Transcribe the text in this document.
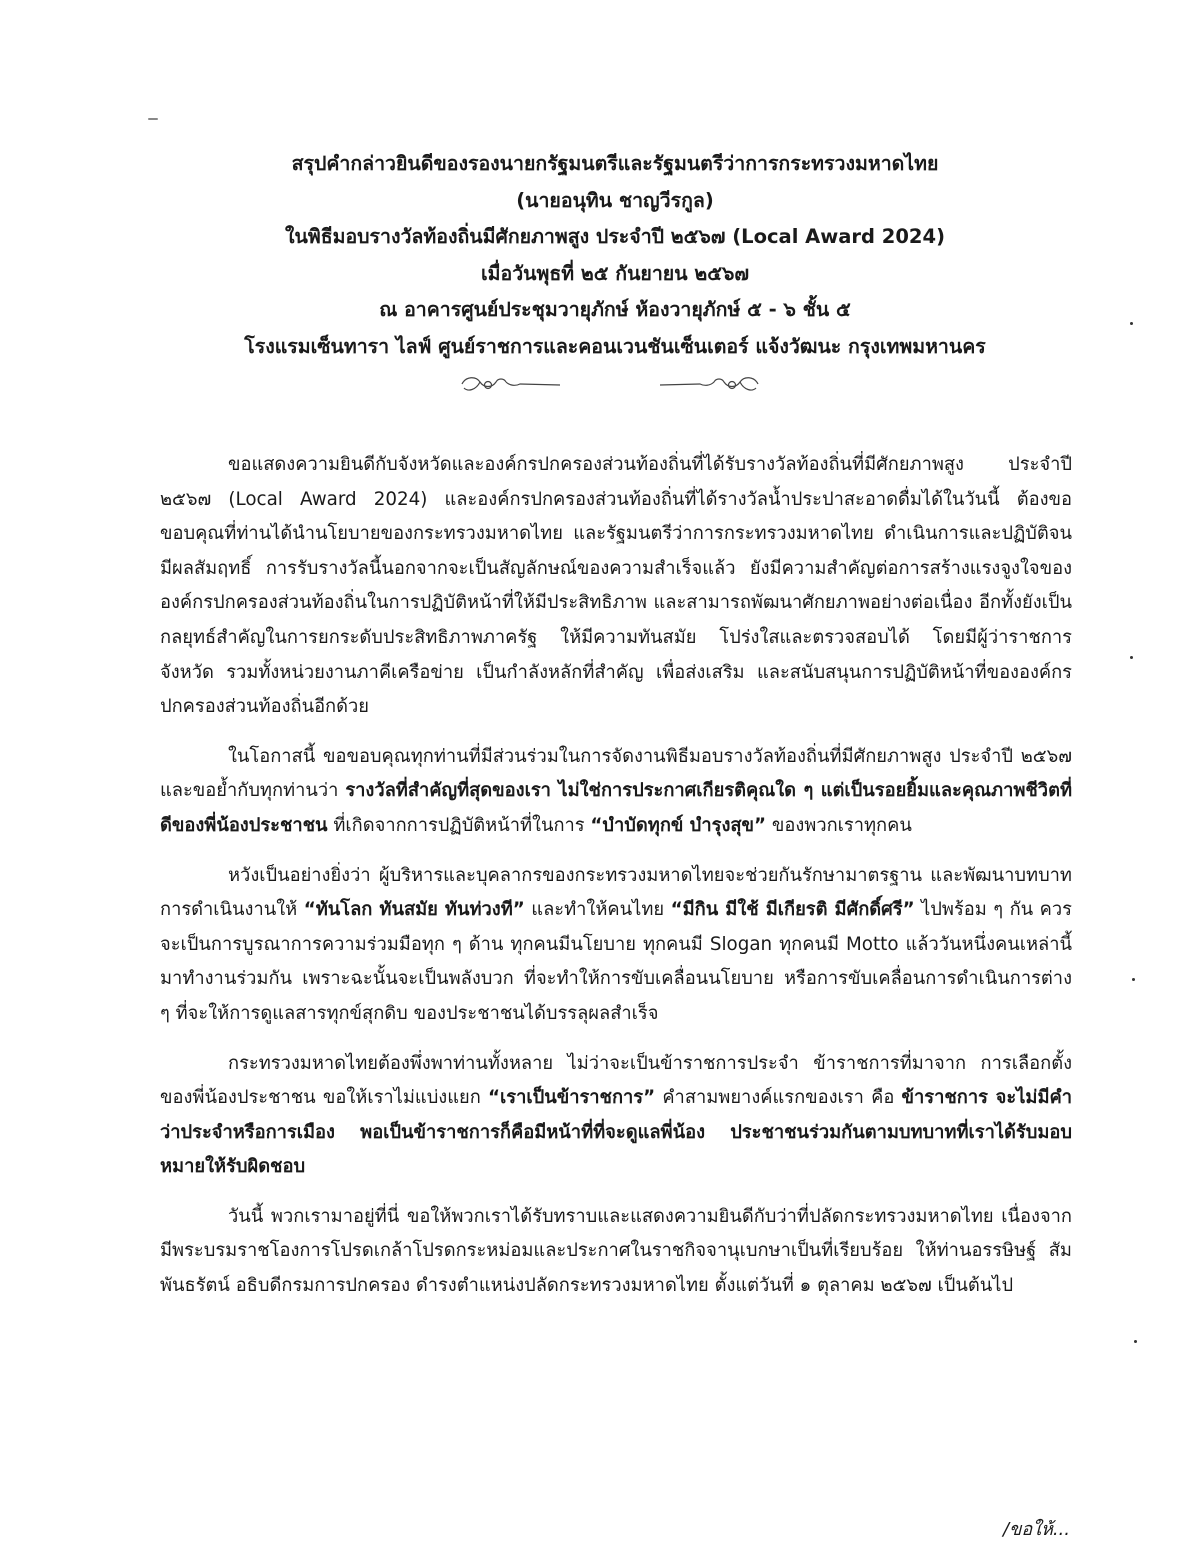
สรุปคำกล่าวยินดีของรองนายกรัฐมนตรีและรัฐมนตรีว่าการกระทรวงมหาดไทย
(นายอนุทิน ชาญวีรกูล)
ในพิธีมอบรางวัลท้องถิ่นมีศักยภาพสูง ประจำปี ๒๕๖๗ (Local Award 2024)
เมื่อวันพุธที่ ๒๕ กันยายน ๒๕๖๗
ณ อาคารศูนย์ประชุมวายุภักษ์ ห้องวายุภักษ์ ๕ - ๖ ชั้น ๕
โรงแรมเซ็นทารา ไลฟ์ ศูนย์ราชการและคอนเวนชันเซ็นเตอร์ แจ้งวัฒนะ กรุงเทพมหานคร

ขอแสดงความยินดีกับจังหวัดและองค์กรปกครองส่วนท้องถิ่นที่ได้รับรางวัลท้องถิ่นที่มีศักยภาพสูง ประจำปี ๒๕๖๗ (Local Award 2024) และองค์กรปกครองส่วนท้องถิ่นที่ได้รางวัลน้ำประปาสะอาดดื่มได้ในวันนี้ ต้องขอขอบคุณที่ท่านได้นำนโยบายของกระทรวงมหาดไทย และรัฐมนตรีว่าการกระทรวงมหาดไทย ดำเนินการและปฏิบัติจนมีผลสัมฤทธิ์ การรับรางวัลนี้นอกจากจะเป็นสัญลักษณ์ของความสำเร็จแล้ว ยังมีความสำคัญต่อการสร้างแรงจูงใจขององค์กรปกครองส่วนท้องถิ่นในการปฏิบัติหน้าที่ให้มีประสิทธิภาพ และสามารถพัฒนาศักยภาพอย่างต่อเนื่อง อีกทั้งยังเป็นกลยุทธ์สำคัญในการยกระดับประสิทธิภาพภาครัฐ ให้มีความทันสมัย โปร่งใสและตรวจสอบได้ โดยมีผู้ว่าราชการจังหวัด รวมทั้งหน่วยงานภาคีเครือข่าย เป็นกำลังหลักที่สำคัญ เพื่อส่งเสริม และสนับสนุนการปฏิบัติหน้าที่ขององค์กรปกครองส่วนท้องถิ่นอีกด้วย

ในโอกาสนี้ ขอขอบคุณทุกท่านที่มีส่วนร่วมในการจัดงานพิธีมอบรางวัลท้องถิ่นที่มีศักยภาพสูง ประจำปี ๒๕๖๗ และขอย้ำกับทุกท่านว่า รางวัลที่สำคัญที่สุดของเรา ไม่ใช่การประกาศเกียรติคุณใด ๆ แต่เป็นรอยยิ้มและคุณภาพชีวิตที่ดีของพี่น้องประชาชน ที่เกิดจากการปฏิบัติหน้าที่ในการ “บำบัดทุกข์ บำรุงสุข” ของพวกเราทุกคน

หวังเป็นอย่างยิ่งว่า ผู้บริหารและบุคลากรของกระทรวงมหาดไทยจะช่วยกันรักษามาตรฐาน และพัฒนาบทบาทการดำเนินงานให้ “ทันโลก ทันสมัย ทันท่วงที” และทำให้คนไทย “มีกิน มีใช้ มีเกียรติ มีศักดิ์ศรี” ไปพร้อม ๆ กัน ควรจะเป็นการบูรณาการความร่วมมือทุก ๆ ด้าน ทุกคนมีนโยบาย ทุกคนมี Slogan ทุกคนมี Motto แล้ววันหนึ่งคนเหล่านี้มาทำงานร่วมกัน เพราะฉะนั้นจะเป็นพลังบวก ที่จะทำให้การขับเคลื่อนนโยบาย หรือการขับเคลื่อนการดำเนินการต่าง ๆ ที่จะให้การดูแลสารทุกข์สุกดิบ ของประชาชนได้บรรลุผลสำเร็จ

กระทรวงมหาดไทยต้องพึ่งพาท่านทั้งหลาย ไม่ว่าจะเป็นข้าราชการประจำ ข้าราชการที่มาจาก การเลือกตั้งของพี่น้องประชาชน ขอให้เราไม่แบ่งแยก “เราเป็นข้าราชการ” คำสามพยางค์แรกของเรา คือ ข้าราชการ จะไม่มีคำว่าประจำหรือการเมือง พอเป็นข้าราชการก็คือมีหน้าที่ที่จะดูแลพี่น้อง ประชาชนร่วมกันตามบทบาทที่เราได้รับมอบหมายให้รับผิดชอบ

วันนี้ พวกเรามาอยู่ที่นี่ ขอให้พวกเราได้รับทราบและแสดงความยินดีกับว่าที่ปลัดกระทรวงมหาดไทย เนื่องจากมีพระบรมราชโองการโปรดเกล้าโปรดกระหม่อมและประกาศในราชกิจจานุเบกษาเป็นที่เรียบร้อย ให้ท่านอรรษิษฐ์ สัมพันธรัตน์ อธิบดีกรมการปกครอง ดำรงตำแหน่งปลัดกระทรวงมหาดไทย ตั้งแต่วันที่ ๑ ตุลาคม ๒๕๖๗ เป็นต้นไป

/ขอให้...
